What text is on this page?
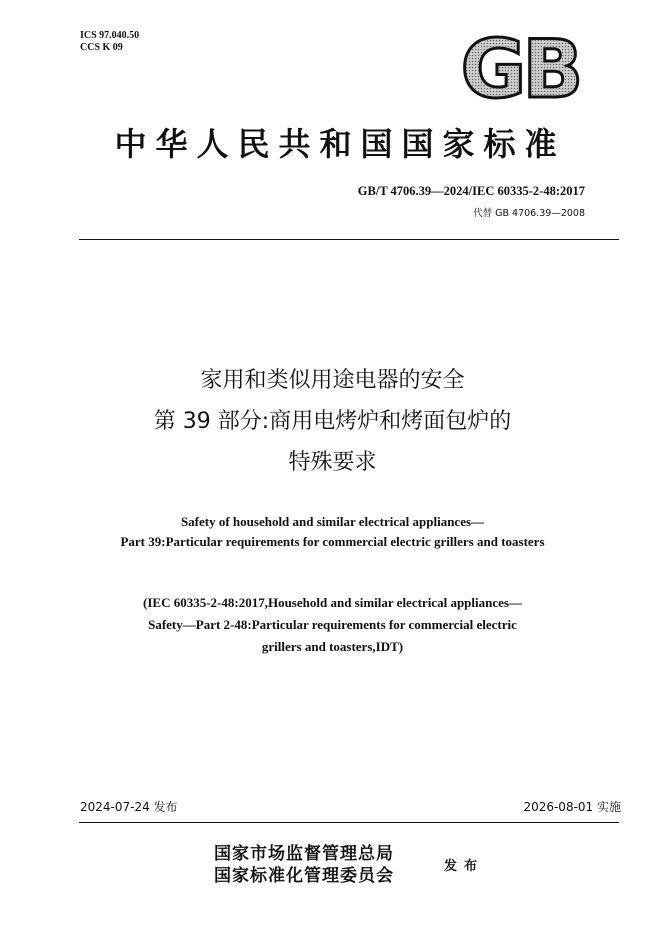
ICS 97.040.50
CCS K 09	GB
中华人民共和国国家标准
GB/T 4706.39—2024/IEC 60335-2-48:2017
代替 GB 4706.39—2008
家用和类似用途电器的安全
第 39 部分:商用电烤炉和烤面包炉的
特殊要求
Safety of household and similar electrical appliances—
Part 39:Particular requirements for commercial electric grillers and toasters
(IEC 60335-2-48:2017,Household and similar electrical appliances—
Safety—Part 2-48:Particular requirements for commercial electric
grillers and toasters,IDT)
2024-07-24 发布	2026-08-01 实施
国家市场监督管理总局
国家标准化管理委员会	发布
